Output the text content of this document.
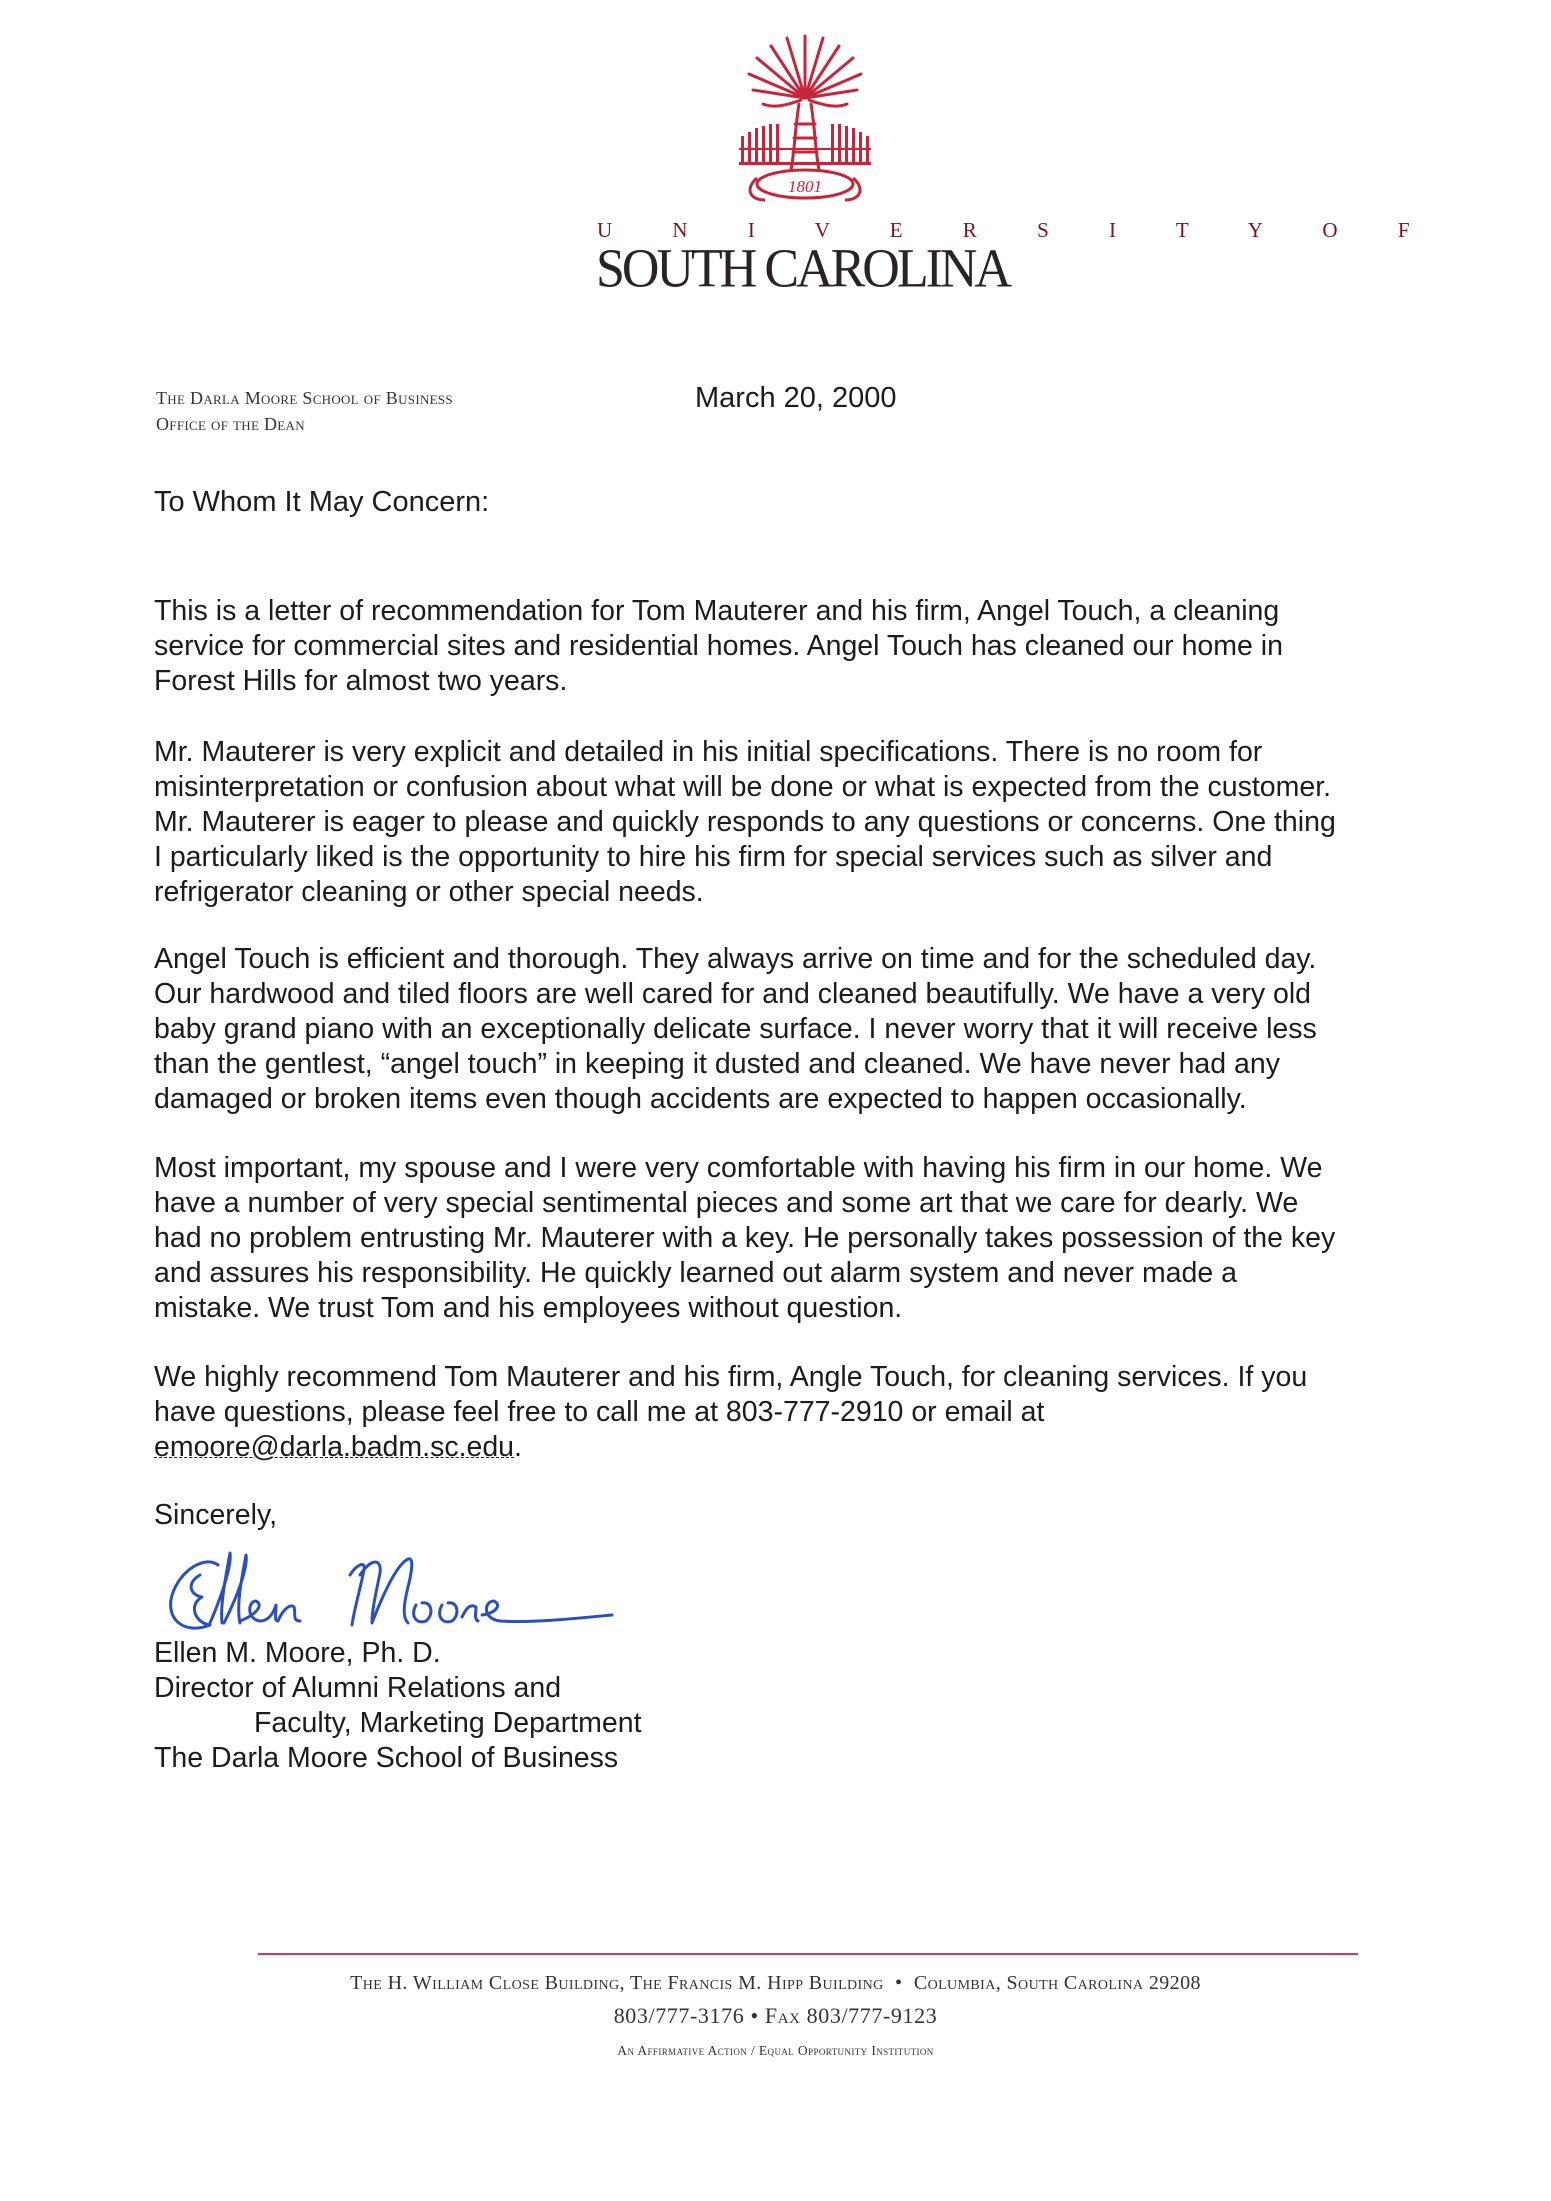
1801
U N I V E R S I T Y O F
SOUTH CAROLINA
The Darla Moore School of Business
Office of the Dean
March 20, 2000
To Whom It May Concern:
This is a letter of recommendation for Tom Mauterer and his firm, Angel Touch, a cleaning
service for commercial sites and residential homes. Angel Touch has cleaned our home in
Forest Hills for almost two years.
Mr. Mauterer is very explicit and detailed in his initial specifications. There is no room for
misinterpretation or confusion about what will be done or what is expected from the customer.
Mr. Mauterer is eager to please and quickly responds to any questions or concerns. One thing
I particularly liked is the opportunity to hire his firm for special services such as silver and
refrigerator cleaning or other special needs.
Angel Touch is efficient and thorough. They always arrive on time and for the scheduled day.
Our hardwood and tiled floors are well cared for and cleaned beautifully. We have a very old
baby grand piano with an exceptionally delicate surface. I never worry that it will receive less
than the gentlest, “angel touch” in keeping it dusted and cleaned. We have never had any
damaged or broken items even though accidents are expected to happen occasionally.
Most important, my spouse and I were very comfortable with having his firm in our home. We
have a number of very special sentimental pieces and some art that we care for dearly. We
had no problem entrusting Mr. Mauterer with a key. He personally takes possession of the key
and assures his responsibility. He quickly learned out alarm system and never made a
mistake. We trust Tom and his employees without question.
We highly recommend Tom Mauterer and his firm, Angle Touch, for cleaning services. If you
have questions, please feel free to call me at 803-777-2910 or email at
emoore@darla.badm.sc.edu.
Sincerely,
Ellen M. Moore, Ph. D.
Director of Alumni Relations and
Faculty, Marketing Department
The Darla Moore School of Business
The H. William Close Building, The Francis M. Hipp Building • Columbia, South Carolina 29208
803/777-3176 • Fax 803/777-9123
An Affirmative Action / Equal Opportunity Institution
